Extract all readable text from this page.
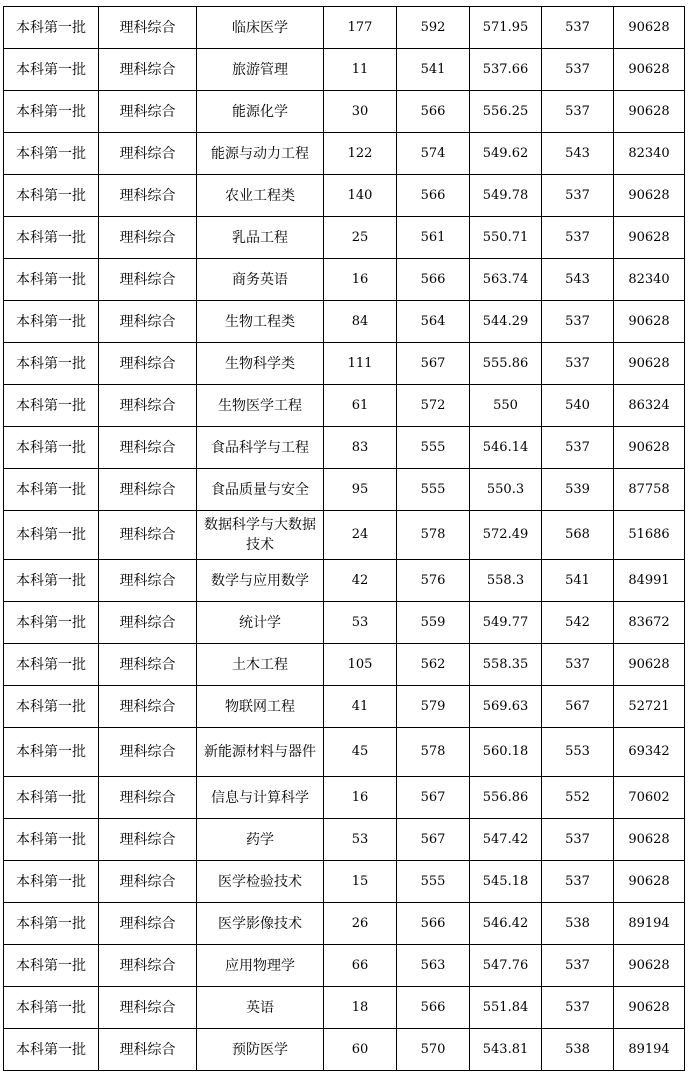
本科第一批	理科综合	临床医学	177	592	571.95	537	90628
本科第一批	理科综合	旅游管理	11	541	537.66	537	90628
本科第一批	理科综合	能源化学	30	566	556.25	537	90628
本科第一批	理科综合	能源与动力工程	122	574	549.62	543	82340
本科第一批	理科综合	农业工程类	140	566	549.78	537	90628
本科第一批	理科综合	乳品工程	25	561	550.71	537	90628
本科第一批	理科综合	商务英语	16	566	563.74	543	82340
本科第一批	理科综合	生物工程类	84	564	544.29	537	90628
本科第一批	理科综合	生物科学类	111	567	555.86	537	90628
本科第一批	理科综合	生物医学工程	61	572	550	540	86324
本科第一批	理科综合	食品科学与工程	83	555	546.14	537	90628
本科第一批	理科综合	食品质量与安全	95	555	550.3	539	87758
本科第一批	理科综合	数据科学与大数据技术	24	578	572.49	568	51686
本科第一批	理科综合	数学与应用数学	42	576	558.3	541	84991
本科第一批	理科综合	统计学	53	559	549.77	542	83672
本科第一批	理科综合	土木工程	105	562	558.35	537	90628
本科第一批	理科综合	物联网工程	41	579	569.63	567	52721
本科第一批	理科综合	新能源材料与器件	45	578	560.18	553	69342
本科第一批	理科综合	信息与计算科学	16	567	556.86	552	70602
本科第一批	理科综合	药学	53	567	547.42	537	90628
本科第一批	理科综合	医学检验技术	15	555	545.18	537	90628
本科第一批	理科综合	医学影像技术	26	566	546.42	538	89194
本科第一批	理科综合	应用物理学	66	563	547.76	537	90628
本科第一批	理科综合	英语	18	566	551.84	537	90628
本科第一批	理科综合	预防医学	60	570	543.81	538	89194
